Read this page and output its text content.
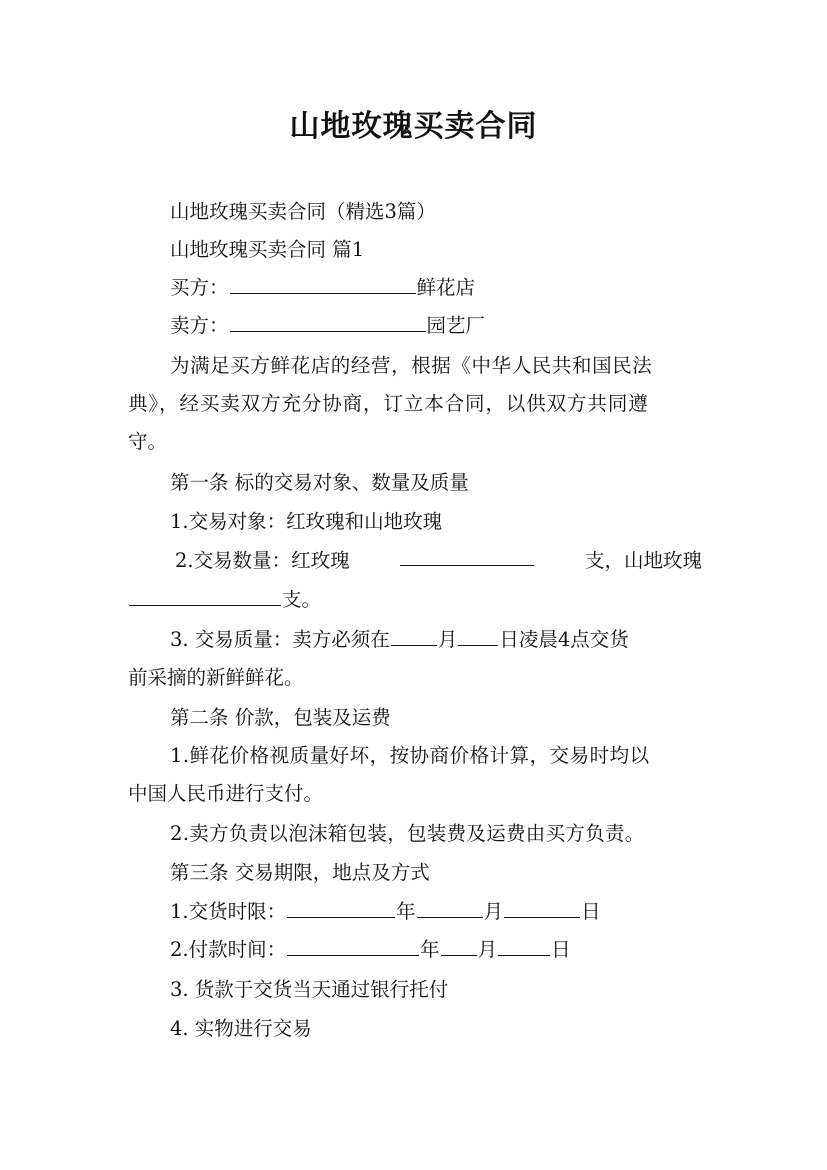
山地玫瑰买卖合同
山地玫瑰买卖合同（精选3篇）
山地玫瑰买卖合同 篇1
买方：	鲜花店
卖方：	园艺厂
为满足买方鲜花店的经营，根据《中华人民共和国民法
典》，经买卖双方充分协商，订立本合同，以供双方共同遵
守。
第一条 标的交易对象、数量及质量
1.交易对象：红玫瑰和山地玫瑰
2.交易数量：红玫瑰	支，山地玫瑰
支。
3. 交易质量：卖方必须在 月 日凌晨4点交货
前采摘的新鲜鲜花。
第二条 价款，包装及运费
1.鲜花价格视质量好坏，按协商价格计算，交易时均以
中国人民币进行支付。
2.卖方负责以泡沫箱包装，包装费及运费由买方负责。
第三条 交易期限，地点及方式
1.交货时限：	年	月	日
2.付款时间：	年 月	日
3. 货款于交货当天通过银行托付
4. 实物进行交易
